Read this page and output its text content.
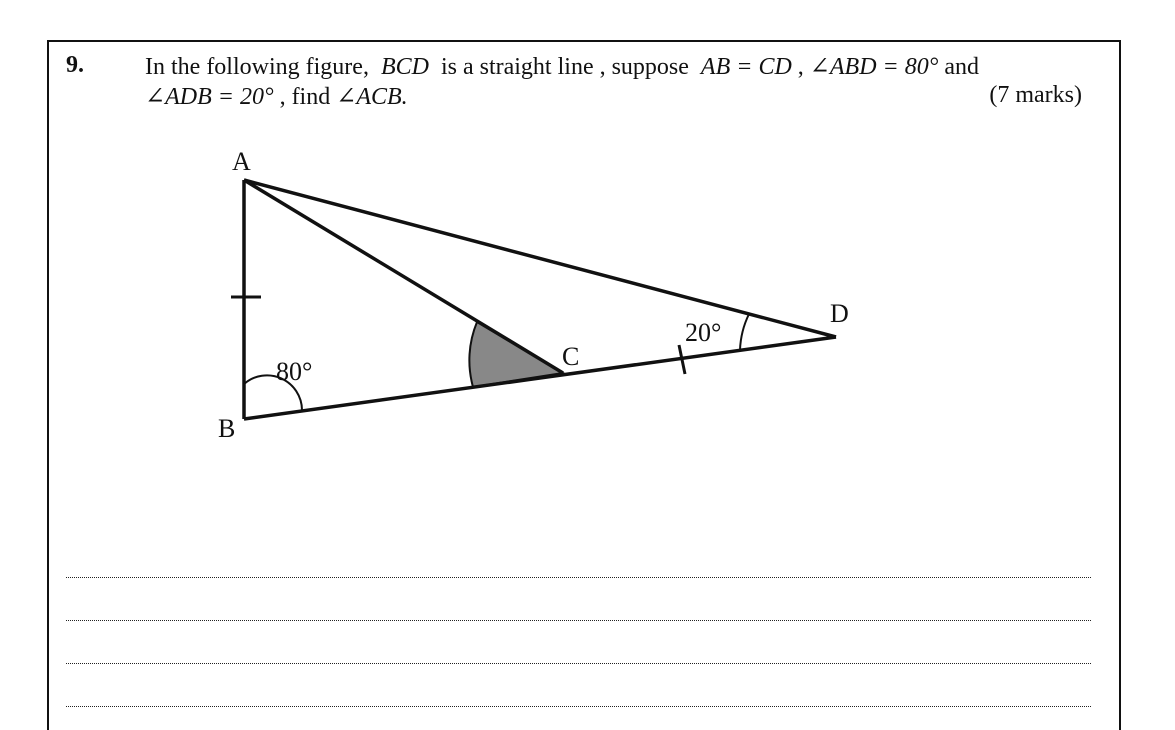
9.	In the following figure, BCD is a straight line , suppose AB = CD , ∠ABD = 80° and
∠ADB = 20° , find ∠ACB.	(7 marks)
A
B
C
D
80°
20°
